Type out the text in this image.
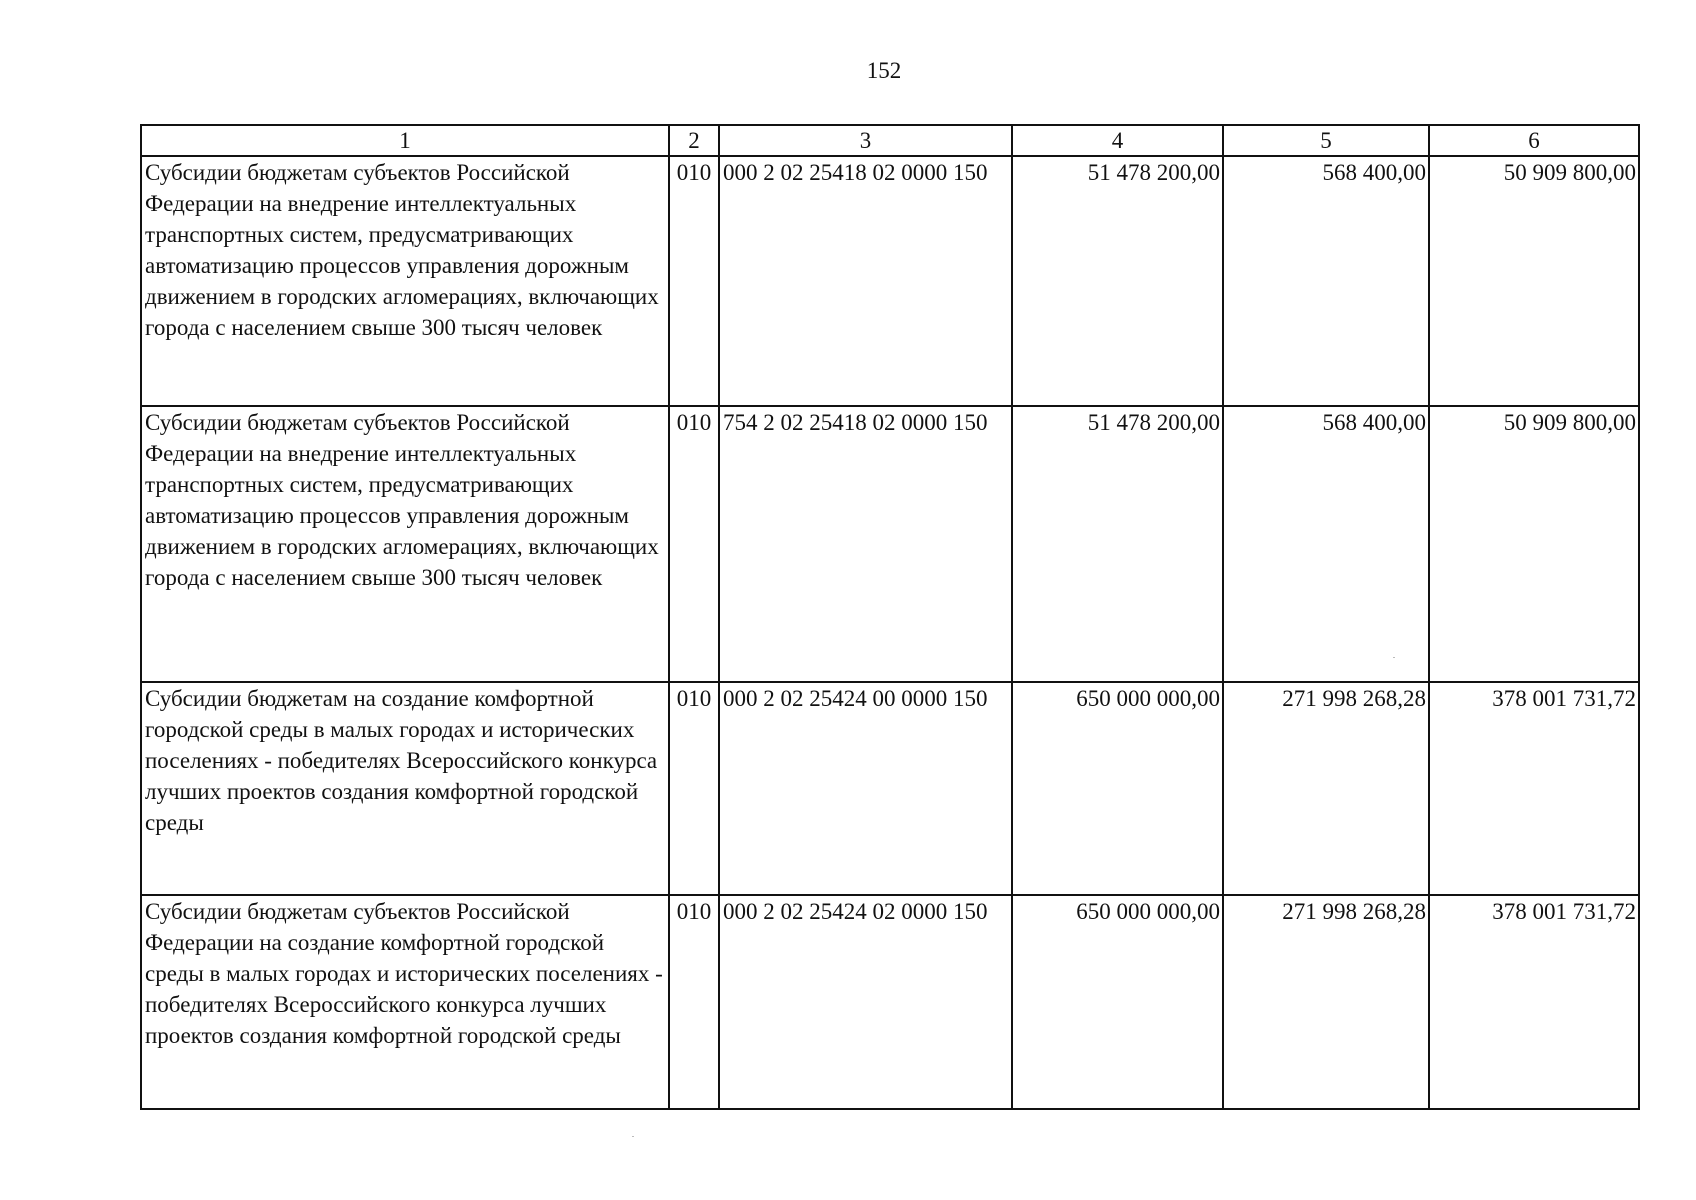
152
1	2	3	4	5	6
Субсидии бюджетам субъектов Российской Федерации на внедрение интеллектуальных транспортных систем, предусматривающих автоматизацию процессов управления дорожным движением в городских агломерациях, включающих города с населением свыше 300 тысяч человек	010	000 2 02 25418 02 0000 150	51 478 200,00	568 400,00	50 909 800,00
Субсидии бюджетам субъектов Российской Федерации на внедрение интеллектуальных транспортных систем, предусматривающих автоматизацию процессов управления дорожным движением в городских агломерациях, включающих города с населением свыше 300 тысяч человек	010	754 2 02 25418 02 0000 150	51 478 200,00	568 400,00	50 909 800,00
Субсидии бюджетам на создание комфортной городской среды в малых городах и исторических поселениях - победителях Всероссийского конкурса лучших проектов создания комфортной городской среды	010	000 2 02 25424 00 0000 150	650 000 000,00	271 998 268,28	378 001 731,72
Субсидии бюджетам субъектов Российской Федерации на создание комфортной городской среды в малых городах и исторических поселениях - победителях Всероссийского конкурса лучших проектов создания комфортной городской среды	010	000 2 02 25424 02 0000 150	650 000 000,00	271 998 268,28	378 001 731,72
